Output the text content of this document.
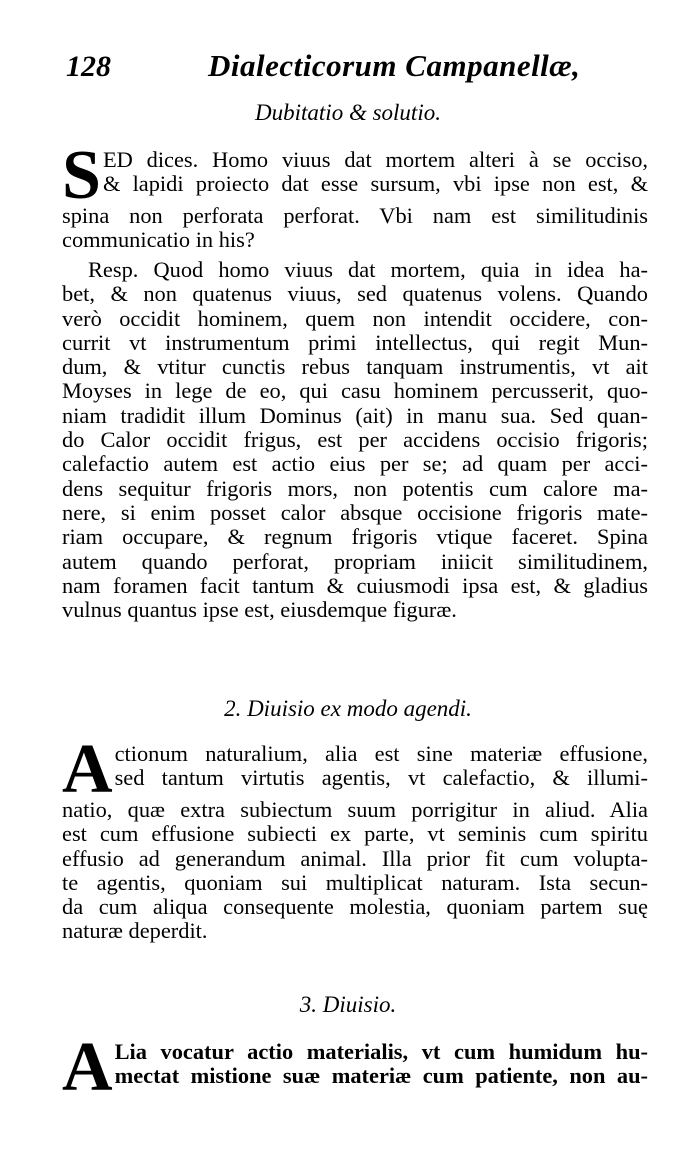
128	Dialecticorum Campanellæ,
Dubitatio & solutio.
S ED dices. Homo viuus dat mortem alteri à se occiso,
& lapidi proiecto dat esse sursum, vbi ipse non est, &
spina non perforata perforat. Vbi nam est similitudinis
communicatio in his?
Resp. Quod homo viuus dat mortem, quia in idea ha-
bet, & non quatenus viuus, sed quatenus volens. Quando
verò occidit hominem, quem non intendit occidere, con-
currit vt instrumentum primi intellectus, qui regit Mun-
dum, & vtitur cunctis rebus tanquam instrumentis, vt ait
Moyses in lege de eo, qui casu hominem percusserit, quo-
niam tradidit illum Dominus (ait) in manu sua. Sed quan-
do Calor occidit frigus, est per accidens occisio frigoris;
calefactio autem est actio eius per se; ad quam per acci-
dens sequitur frigoris mors, non potentis cum calore ma-
nere, si enim posset calor absque occisione frigoris mate-
riam occupare, & regnum frigoris vtique faceret. Spina
autem quando perforat, propriam iniicit similitudinem,
nam foramen facit tantum & cuiusmodi ipsa est, & gladius
vulnus quantus ipse est, eiusdemque figuræ.
2. Diuisio ex modo agendi.
A ctionum naturalium, alia est sine materiæ effusione,
sed tantum virtutis agentis, vt calefactio, & illumi-
natio, quæ extra subiectum suum porrigitur in aliud. Alia
est cum effusione subiecti ex parte, vt seminis cum spiritu
effusio ad generandum animal. Illa prior fit cum volupta-
te agentis, quoniam sui multiplicat naturam. Ista secun-
da cum aliqua consequente molestia, quoniam partem suę
naturæ deperdit.
3. Diuisio.
A Lia vocatur actio materialis, vt cum humidum hu-
mectat mistione suæ materiæ cum patiente, non au-
